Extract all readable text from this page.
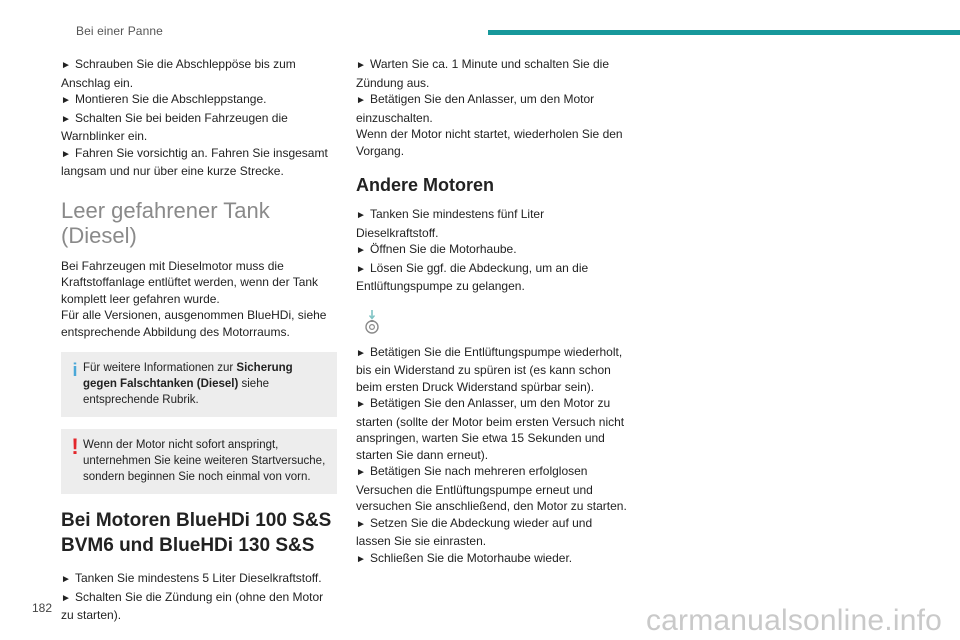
Bei einer Panne

► Schrauben Sie die Abschleppöse bis zum Anschlag ein.

► Montieren Sie die Abschleppstange.

► Schalten Sie bei beiden Fahrzeugen die Warnblinker ein.

► Fahren Sie vorsichtig an. Fahren Sie insgesamt langsam und nur über eine kurze Strecke.

Leer gefahrener Tank (Diesel)

Bei Fahrzeugen mit Dieselmotor muss die Kraftstoffanlage entlüftet werden, wenn der Tank komplett leer gefahren wurde.

Für alle Versionen, ausgenommen BlueHDi, siehe entsprechende Abbildung des Motorraums.

i Für weitere Informationen zur Sicherung gegen Falschtanken (Diesel) siehe entsprechende Rubrik.

! Wenn der Motor nicht sofort anspringt, unternehmen Sie keine weiteren Startversuche, sondern beginnen Sie noch einmal von vorn.

Bei Motoren BlueHDi 100 S&S BVM6 und BlueHDi 130 S&S

► Tanken Sie mindestens 5 Liter Dieselkraftstoff.

► Schalten Sie die Zündung ein (ohne den Motor zu starten).

► Warten Sie ca. 1 Minute und schalten Sie die Zündung aus.

► Betätigen Sie den Anlasser, um den Motor einzuschalten.

Wenn der Motor nicht startet, wiederholen Sie den Vorgang.

Andere Motoren

► Tanken Sie mindestens fünf Liter Dieselkraftstoff.

► Öffnen Sie die Motorhaube.

► Lösen Sie ggf. die Abdeckung, um an die Entlüftungspumpe zu gelangen.

► Betätigen Sie die Entlüftungspumpe wiederholt, bis ein Widerstand zu spüren ist (es kann schon beim ersten Druck Widerstand spürbar sein).

► Betätigen Sie den Anlasser, um den Motor zu starten (sollte der Motor beim ersten Versuch nicht anspringen, warten Sie etwa 15 Sekunden und starten Sie dann erneut).

► Betätigen Sie nach mehreren erfolglosen Versuchen die Entlüftungspumpe erneut und versuchen Sie anschließend, den Motor zu starten.

► Setzen Sie die Abdeckung wieder auf und lassen Sie sie einrasten.

► Schließen Sie die Motorhaube wieder.

182	carmanualsonline.info
